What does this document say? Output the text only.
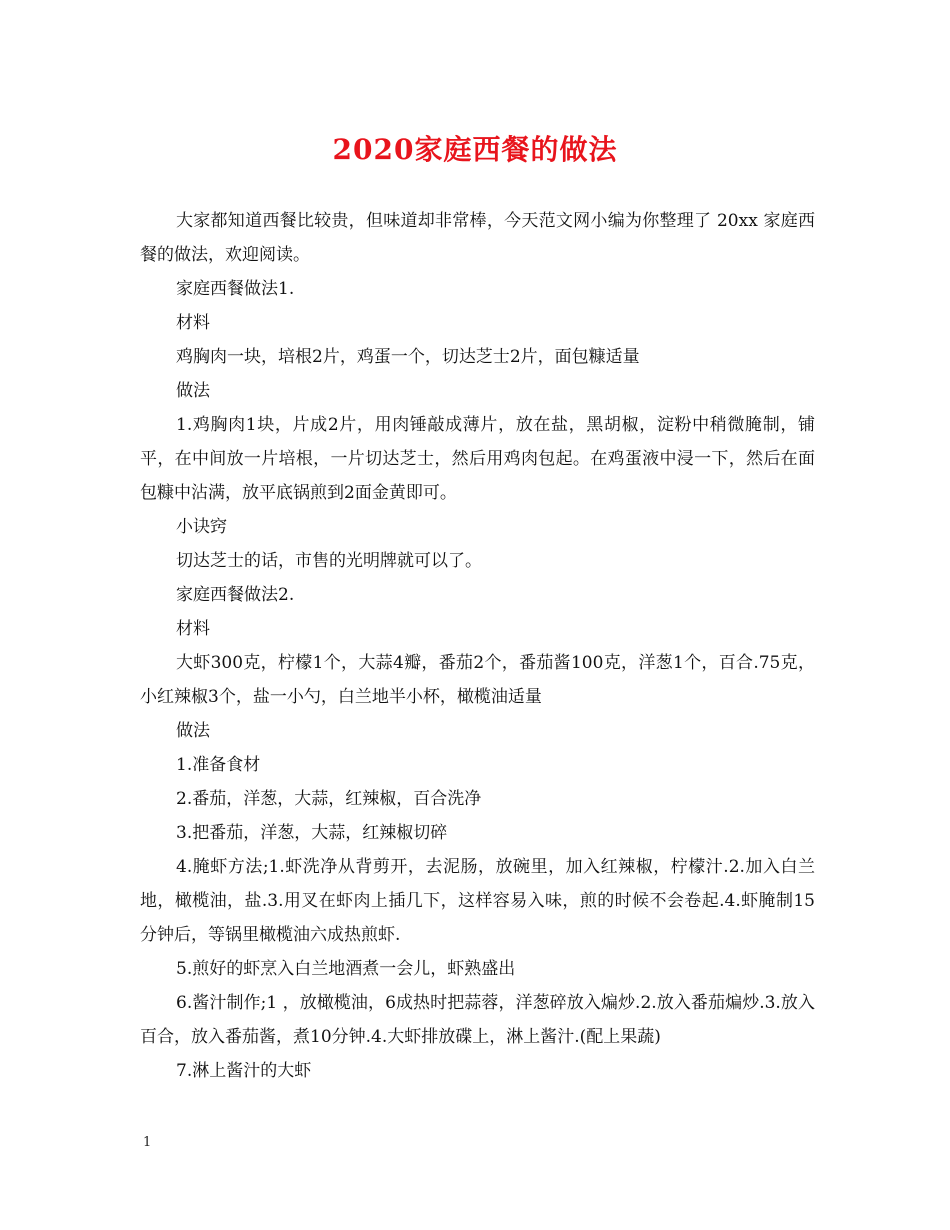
2020家庭西餐的做法

大家都知道西餐比较贵，但味道却非常棒，今天范文网小编为你整理了 20xx 家庭西餐的做法，欢迎阅读。

家庭西餐做法1.

材料

鸡胸肉一块，培根2片，鸡蛋一个，切达芝士2片，面包糠适量

做法

1.鸡胸肉1块，片成2片，用肉锤敲成薄片，放在盐，黑胡椒，淀粉中稍微腌制，铺平，在中间放一片培根，一片切达芝士，然后用鸡肉包起。在鸡蛋液中浸一下，然后在面包糠中沾满，放平底锅煎到2面金黄即可。

小诀窍

切达芝士的话，市售的光明牌就可以了。

家庭西餐做法2.

材料

大虾300克，柠檬1个，大蒜4瓣，番茄2个，番茄酱100克，洋葱1个，百合.75克，小红辣椒3个，盐一小勺，白兰地半小杯，橄榄油适量

做法

1.准备食材

2.番茄，洋葱，大蒜，红辣椒，百合洗净

3.把番茄，洋葱，大蒜，红辣椒切碎

4.腌虾方法;1.虾洗净从背剪开，去泥肠，放碗里，加入红辣椒，柠檬汁.2.加入白兰地，橄榄油，盐.3.用叉在虾肉上插几下，这样容易入味，煎的时候不会卷起.4.虾腌制15分钟后，等锅里橄榄油六成热煎虾.

5.煎好的虾烹入白兰地酒煮一会儿，虾熟盛出

6.酱汁制作;1 ，放橄榄油，6成热时把蒜蓉，洋葱碎放入煸炒.2.放入番茄煸炒.3.放入百合，放入番茄酱，煮10分钟.4.大虾排放碟上，淋上酱汁.(配上果蔬)

7.淋上酱汁的大虾

1
